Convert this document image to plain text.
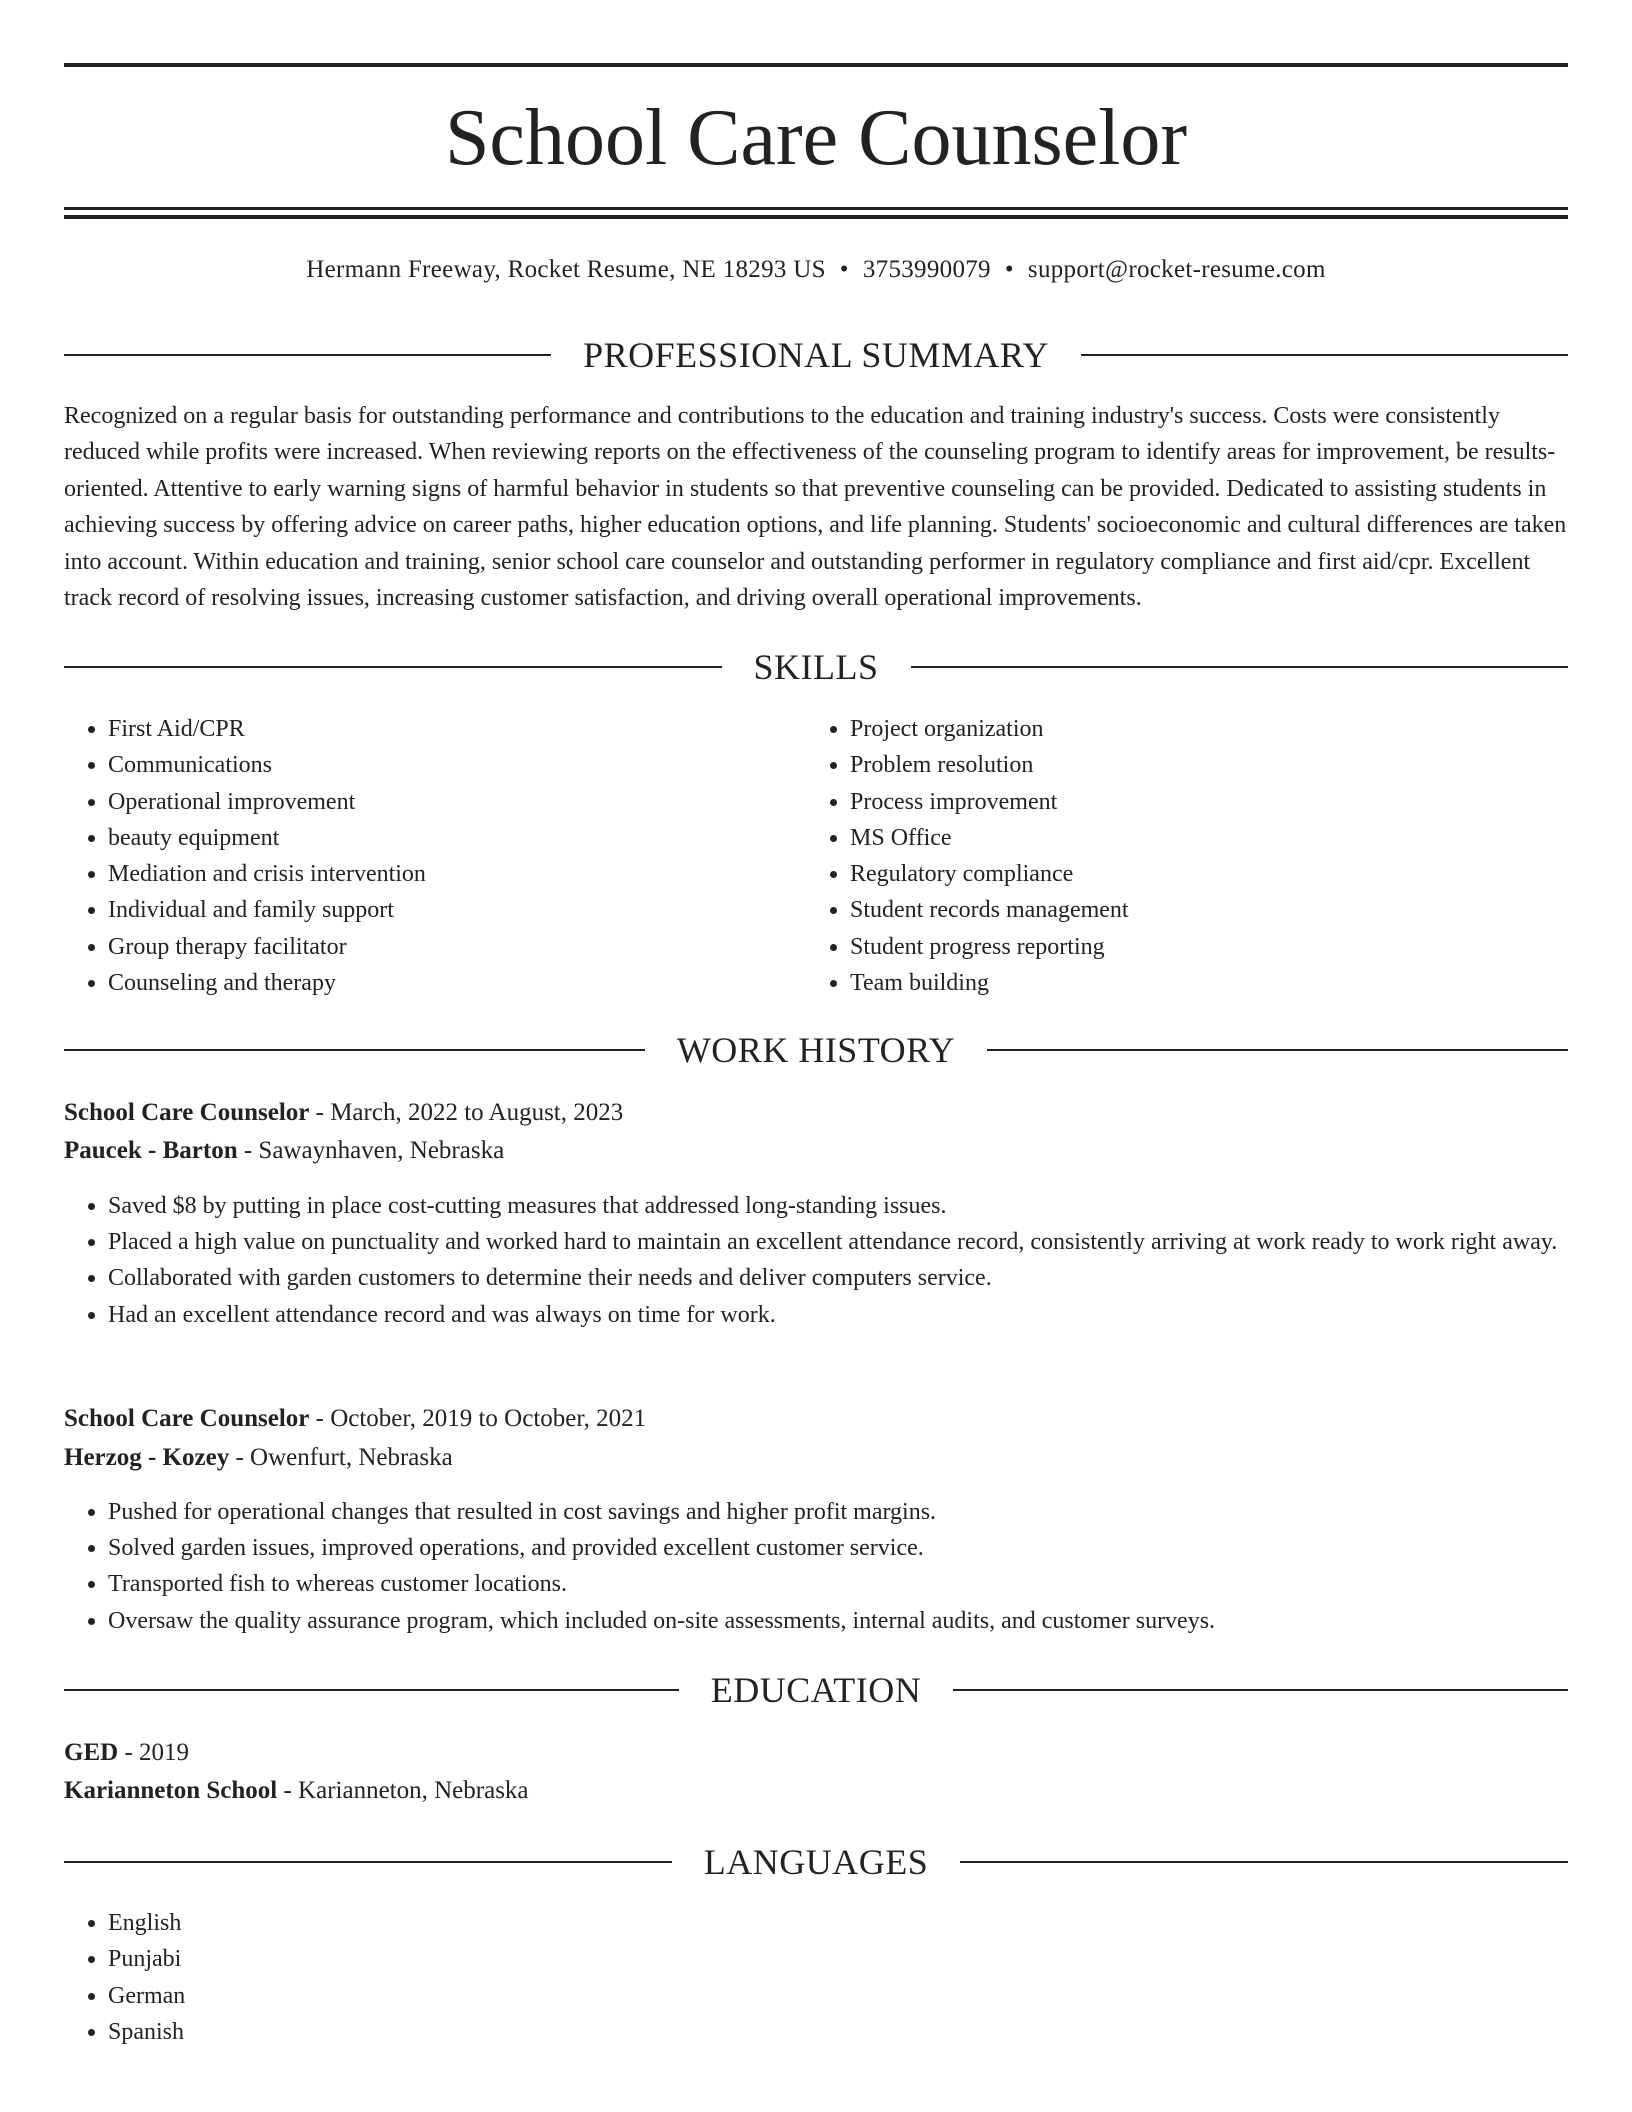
School Care Counselor
Hermann Freeway, Rocket Resume, NE 18293 US • 3753990079 • support@rocket-resume.com
PROFESSIONAL SUMMARY

Recognized on a regular basis for outstanding performance and contributions to the education and training industry's success. Costs were consistently reduced while profits were increased. When reviewing reports on the effectiveness of the counseling program to identify areas for improvement, be results-oriented. Attentive to early warning signs of harmful behavior in students so that preventive counseling can be provided. Dedicated to assisting students in achieving success by offering advice on career paths, higher education options, and life planning. Students' socioeconomic and cultural differences are taken into account. Within education and training, senior school care counselor and outstanding performer in regulatory compliance and first aid/cpr. Excellent track record of resolving issues, increasing customer satisfaction, and driving overall operational improvements.

SKILLS
• First Aid/CPR
• Communications
• Operational improvement
• beauty equipment
• Mediation and crisis intervention
• Individual and family support
• Group therapy facilitator
• Counseling and therapy
• Project organization
• Problem resolution
• Process improvement
• MS Office
• Regulatory compliance
• Student records management
• Student progress reporting
• Team building
WORK HISTORY
School Care Counselor - March, 2022 to August, 2023
Paucek - Barton - Sawaynhaven, Nebraska
• Saved $8 by putting in place cost-cutting measures that addressed long-standing issues.
• Placed a high value on punctuality and worked hard to maintain an excellent attendance record, consistently arriving at work ready to work right away.
• Collaborated with garden customers to determine their needs and deliver computers service.
• Had an excellent attendance record and was always on time for work.
School Care Counselor - October, 2019 to October, 2021
Herzog - Kozey - Owenfurt, Nebraska
• Pushed for operational changes that resulted in cost savings and higher profit margins.
• Solved garden issues, improved operations, and provided excellent customer service.
• Transported fish to whereas customer locations.
• Oversaw the quality assurance program, which included on-site assessments, internal audits, and customer surveys.
EDUCATION
GED - 2019
Karianneton School - Karianneton, Nebraska
LANGUAGES
• English
• Punjabi
• German
• Spanish
